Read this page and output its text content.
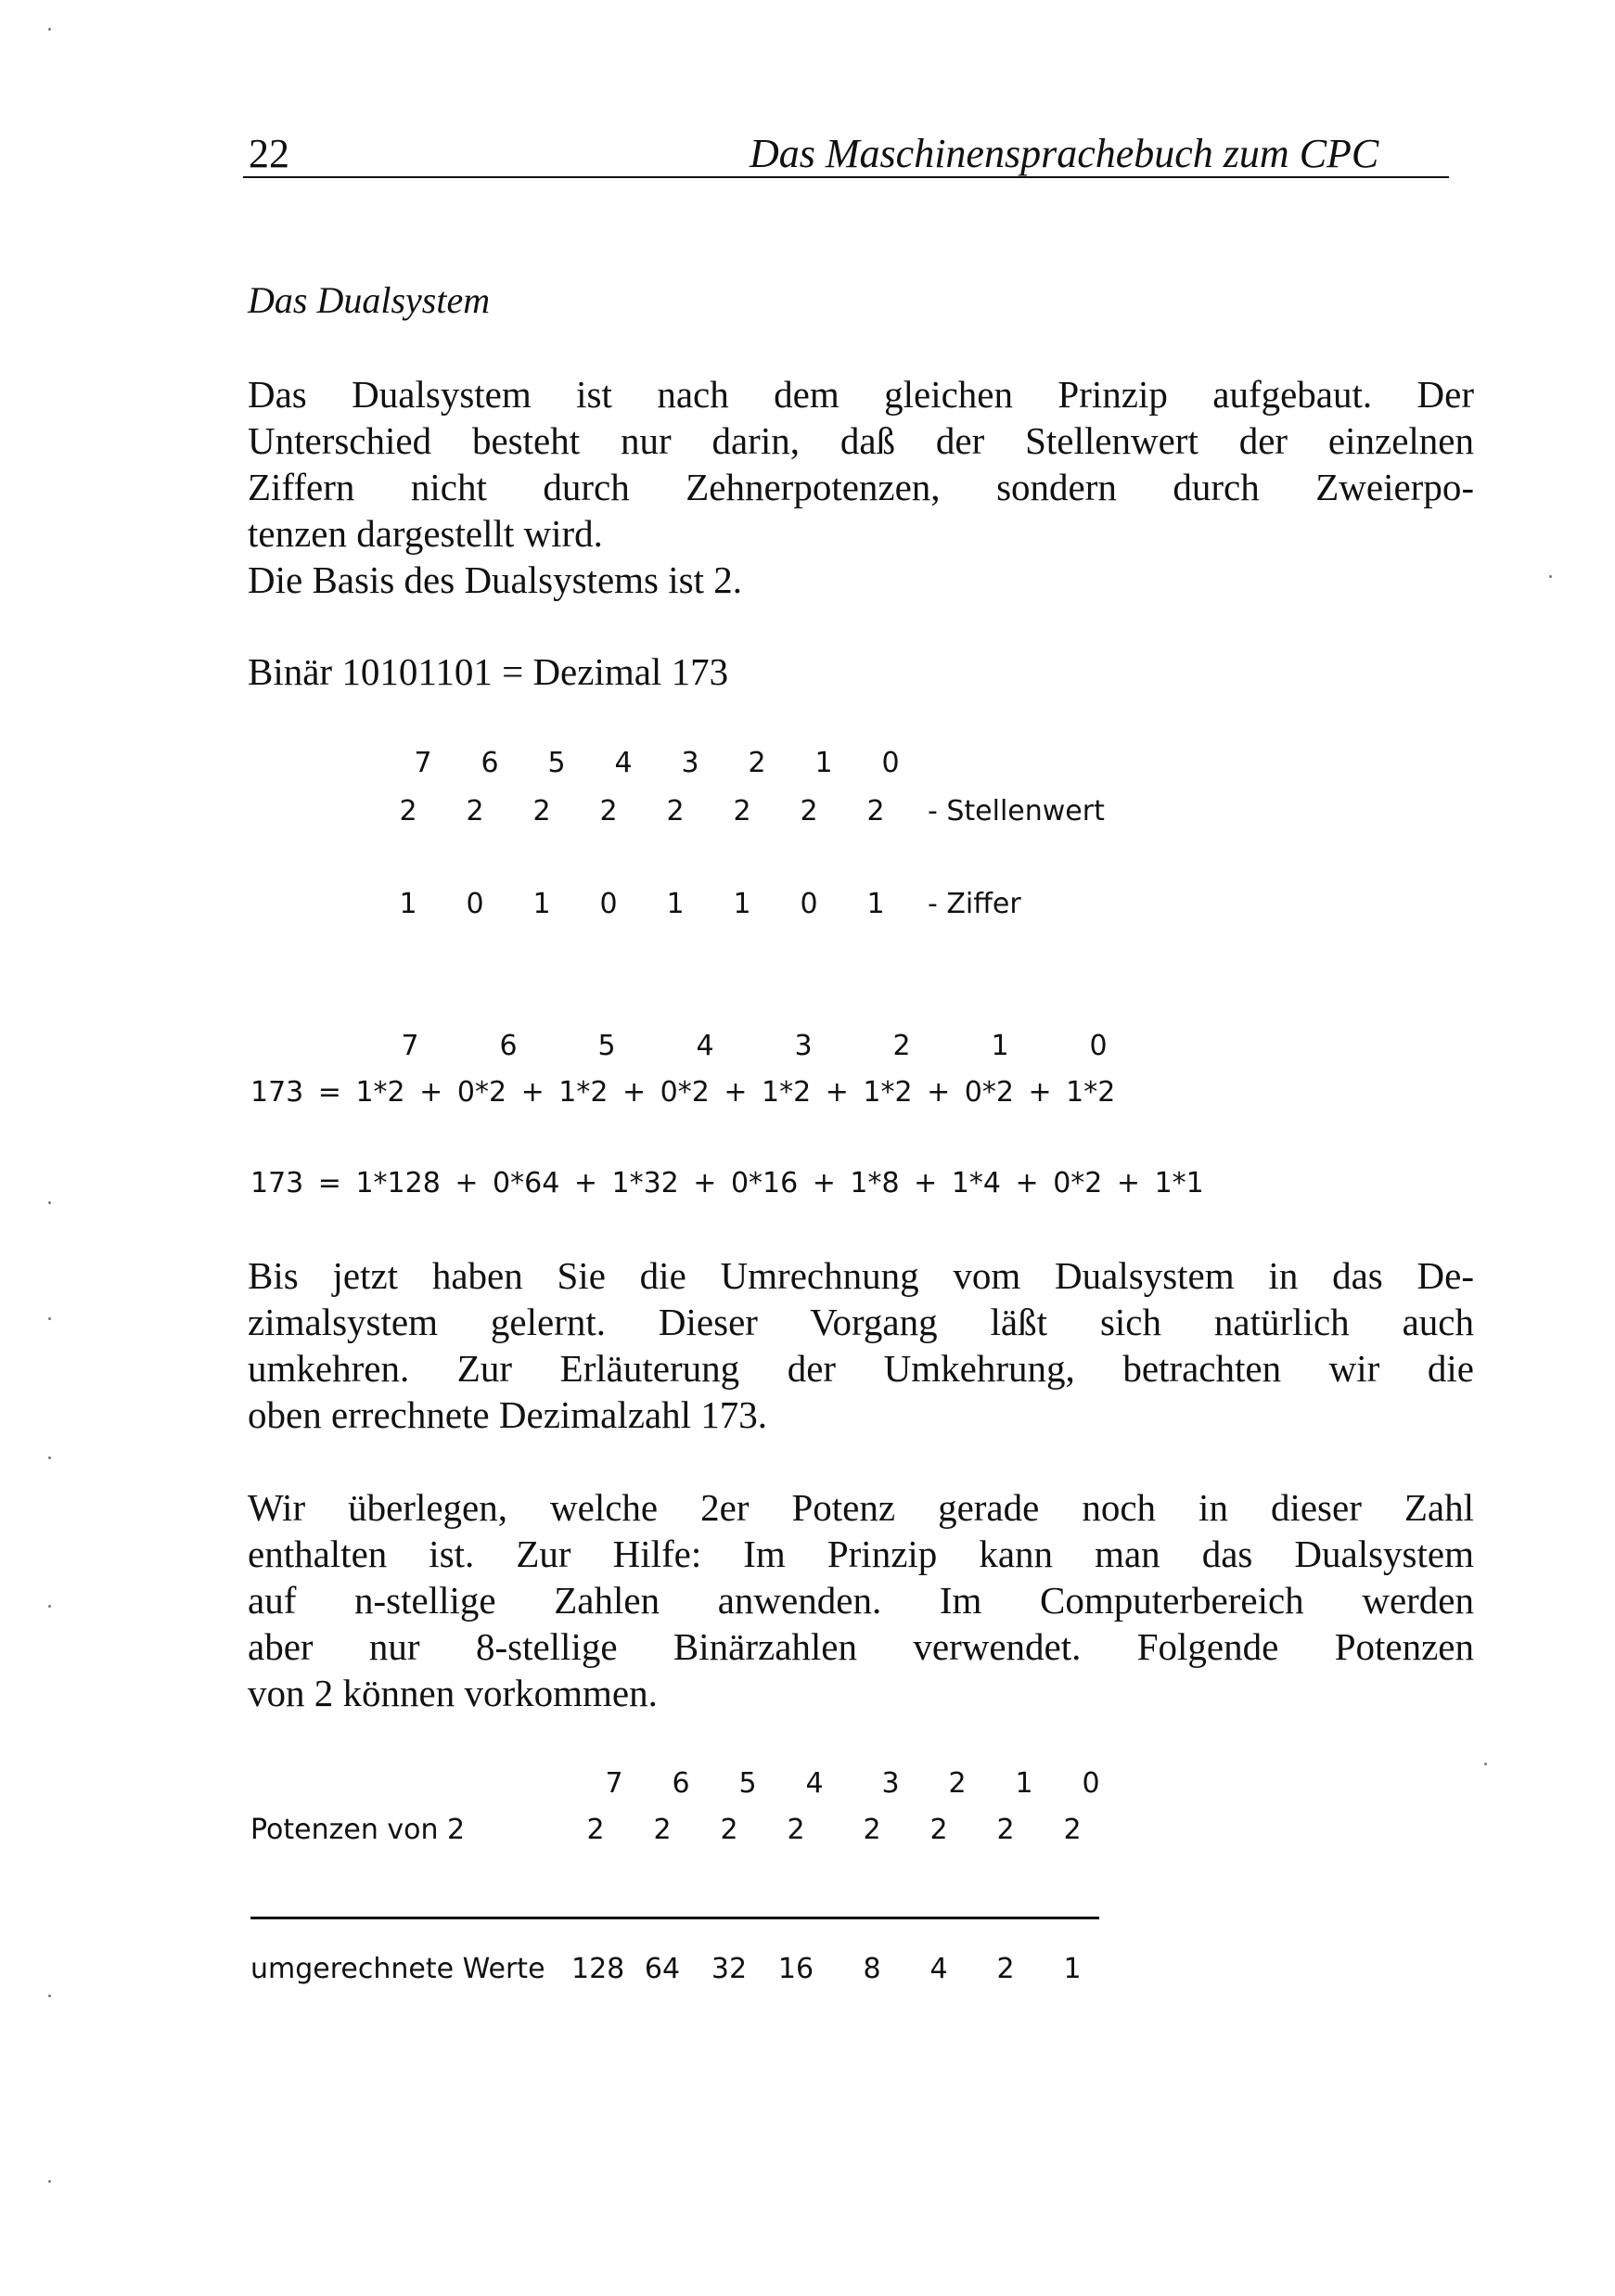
22	Das Maschinensprachebuch zum CPC
Das Dualsystem
Das Dualsystem ist nach dem gleichen Prinzip aufgebaut. Der
Unterschied besteht nur darin, daß der Stellenwert der einzelnen
Ziffern nicht durch Zehnerpotenzen, sondern durch Zweierpo-
tenzen dargestellt wird.
Die Basis des Dualsystems ist 2.
Binär 10101101 = Dezimal 173
7	6	5	4	3	2	1	0
2	2	2	2	2	2	2	2	- Stellenwert
1	0	1	0	1	1	0	1	- Ziffer
7	6	5	4	3	2	1	0
173 = 1*2 + 0*2 + 1*2 + 0*2 + 1*2 + 1*2 + 0*2 + 1*2
173 = 1*128 + 0*64 + 1*32 + 0*16 + 1*8 + 1*4 + 0*2 + 1*1
Bis jetzt haben Sie die Umrechnung vom Dualsystem in das De-
zimalsystem gelernt. Dieser Vorgang läßt sich natürlich auch
umkehren. Zur Erläuterung der Umkehrung, betrachten wir die
oben errechnete Dezimalzahl 173.
Wir überlegen, welche 2er Potenz gerade noch in dieser Zahl
enthalten ist. Zur Hilfe: Im Prinzip kann man das Dualsystem
auf n-stellige Zahlen anwenden. Im Computerbereich werden
aber nur 8-stellige Binärzahlen verwendet. Folgende Potenzen
von 2 können vorkommen.
7	6	5	4	3	2	1	0
Potenzen von 2	2	2	2	2	2	2	2	2
umgerechnete Werte 128 64 32 16	8	4	2	1
